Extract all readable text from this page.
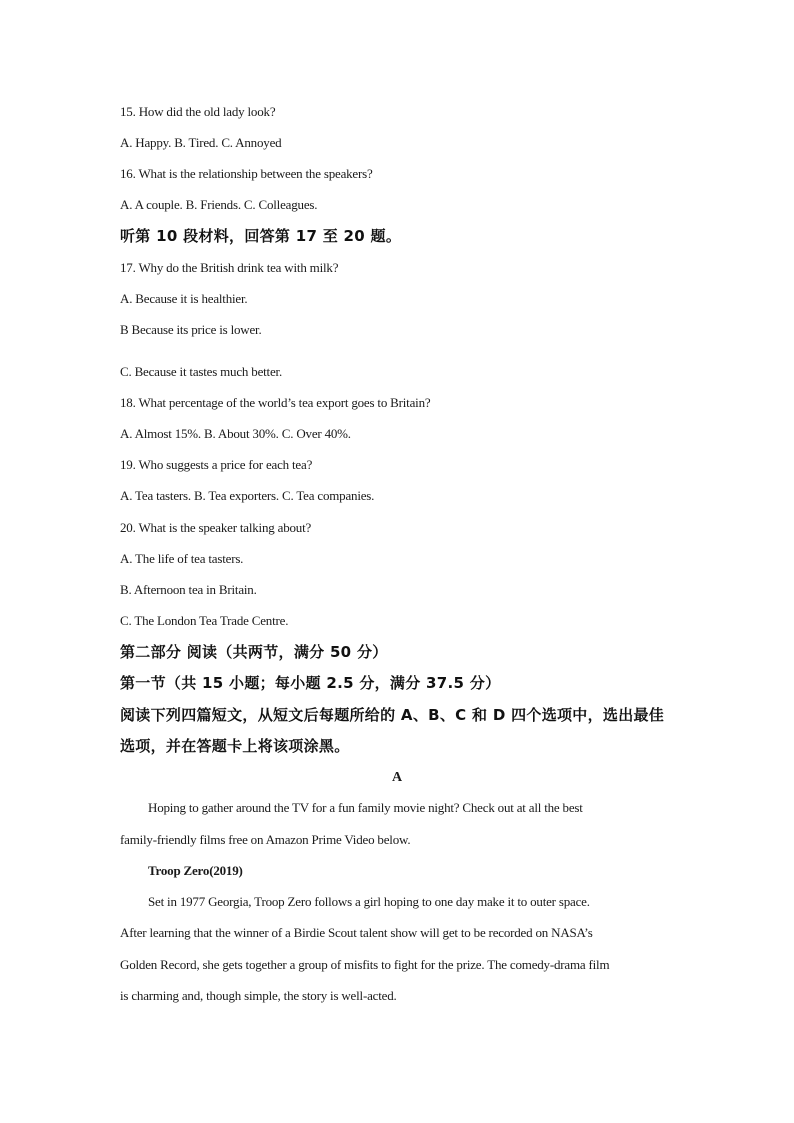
15. How did the old lady look?
A. Happy. B. Tired. C. Annoyed
16. What is the relationship between the speakers?
A. A couple. B. Friends. C. Colleagues.
听第 10 段材料，回答第 17 至 20 题。
17. Why do the British drink tea with milk?
A. Because it is healthier.
B Because its price is lower.
C. Because it tastes much better.
18. What percentage of the world’s tea export goes to Britain?
A. Almost 15%. B. About 30%. C. Over 40%.
19. Who suggests a price for each tea?
A. Tea tasters. B. Tea exporters. C. Tea companies.
20. What is the speaker talking about?
A. The life of tea tasters.
B. Afternoon tea in Britain.
C. The London Tea Trade Centre.
第二部分 阅读（共两节，满分 50 分）
第一节（共 15 小题；每小题 2.5 分，满分 37.5 分）
阅读下列四篇短文，从短文后每题所给的 A、B、C 和 D 四个选项中，选出最佳
选项，并在答题卡上将该项涂黑。
A
Hoping to gather around the TV for a fun family movie night? Check out at all the best
family-friendly films free on Amazon Prime Video below.
Troop Zero(2019)
Set in 1977 Georgia, Troop Zero follows a girl hoping to one day make it to outer space.
After learning that the winner of a Birdie Scout talent show will get to be recorded on NASA’s
Golden Record, she gets together a group of misfits to fight for the prize. The comedy-drama film
is charming and, though simple, the story is well-acted.
